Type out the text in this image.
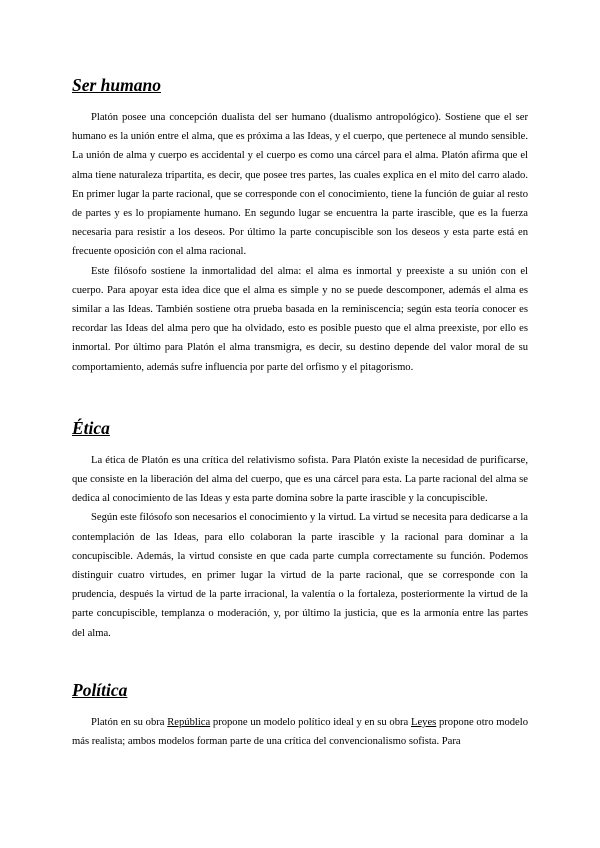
Ser humano

Platón posee una concepción dualista del ser humano (dualismo antropológico). Sostiene que el ser humano es la unión entre el alma, que es próxima a las Ideas, y el cuerpo, que pertenece al mundo sensible. La unión de alma y cuerpo es accidental y el cuerpo es como una cárcel para el alma. Platón afirma que el alma tiene naturaleza tripartita, es decir, que posee tres partes, las cuales explica en el mito del carro alado. En primer lugar la parte racional, que se corresponde con el conocimiento, tiene la función de guiar al resto de partes y es lo propiamente humano. En segundo lugar se encuentra la parte irascible, que es la fuerza necesaria para resistir a los deseos. Por último la parte concupiscible son los deseos y esta parte está en frecuente oposición con el alma racional.

Este filósofo sostiene la inmortalidad del alma: el alma es inmortal y preexiste a su unión con el cuerpo. Para apoyar esta idea dice que el alma es simple y no se puede descomponer, además el alma es similar a las Ideas. También sostiene otra prueba basada en la reminiscencia; según esta teoría conocer es recordar las Ideas del alma pero que ha olvidado, esto es posible puesto que el alma preexiste, por ello es inmortal. Por último para Platón el alma transmigra, es decir, su destino depende del valor moral de su comportamiento, además sufre influencia por parte del orfismo y el pitagorismo.

Ética

La ética de Platón es una crítica del relativismo sofista. Para Platón existe la necesidad de purificarse, que consiste en la liberación del alma del cuerpo, que es una cárcel para esta. La parte racional del alma se dedica al conocimiento de las Ideas y esta parte domina sobre la parte irascible y la concupiscible.

Según este filósofo son necesarios el conocimiento y la virtud. La virtud se necesita para dedicarse a la contemplación de las Ideas, para ello colaboran la parte irascible y la racional para dominar a la concupiscible. Además, la virtud consiste en que cada parte cumpla correctamente su función. Podemos distinguir cuatro virtudes, en primer lugar la virtud de la parte racional, que se corresponde con la prudencia, después la virtud de la parte irracional, la valentía o la fortaleza, posteriormente la virtud de la parte concupiscible, templanza o moderación, y, por último la justicia, que es la armonía entre las partes del alma.

Política

Platón en su obra República propone un modelo político ideal y en su obra Leyes propone otro modelo más realista; ambos modelos forman parte de una crítica del convencionalismo sofista. Para
